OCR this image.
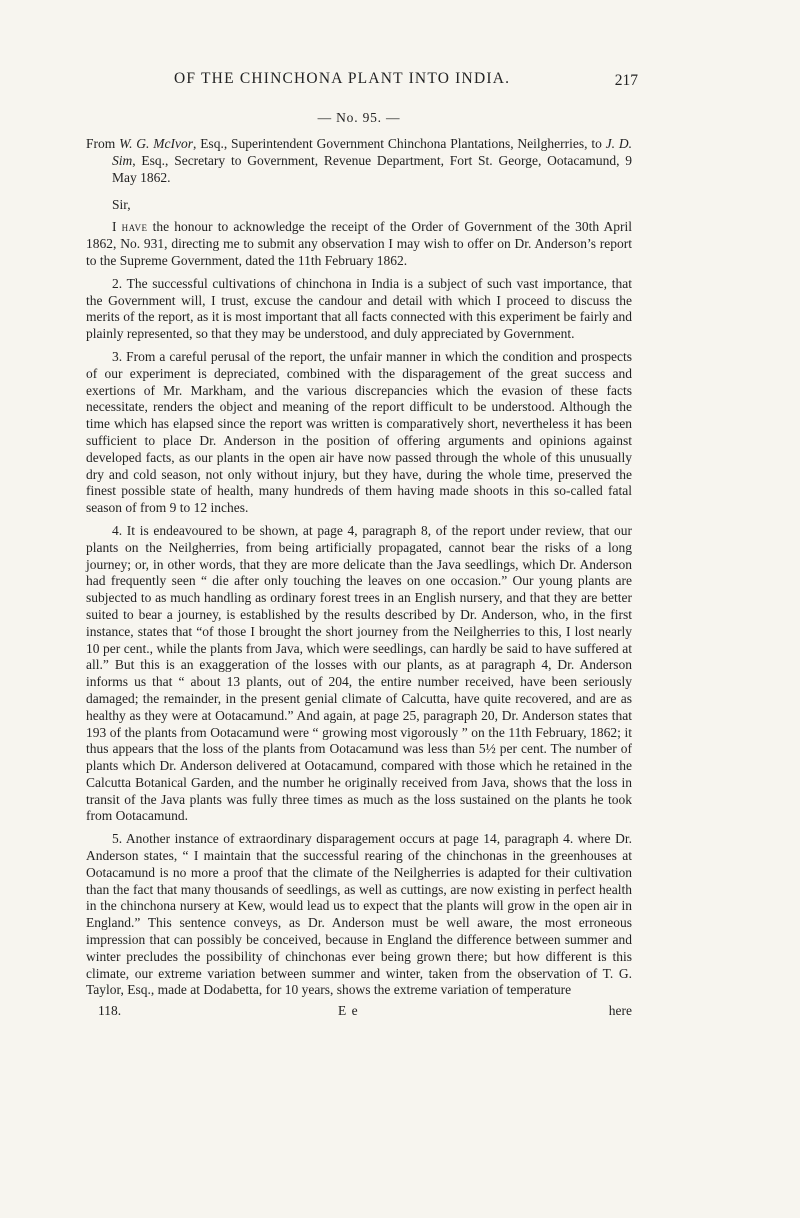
OF THE CHINCHONA PLANT INTO INDIA.	217
— No. 95. —
From W. G. McIvor, Esq., Superintendent Government Chinchona Plantations, Neilgherries, to J. D. Sim, Esq., Secretary to Government, Revenue Department, Fort St. George, Ootacamund, 9 May 1862.
Sir,

I have the honour to acknowledge the receipt of the Order of Government of the 30th April 1862, No. 931, directing me to submit any observation I may wish to offer on Dr. Anderson’s report to the Supreme Government, dated the 11th February 1862.

2. The successful cultivations of chinchona in India is a subject of such vast importance, that the Government will, I trust, excuse the candour and detail with which I proceed to discuss the merits of the report, as it is most important that all facts connected with this experiment be fairly and plainly represented, so that they may be understood, and duly appreciated by Government.

3. From a careful perusal of the report, the unfair manner in which the condition and prospects of our experiment is depreciated, combined with the disparagement of the great success and exertions of Mr. Markham, and the various discrepancies which the evasion of these facts necessitate, renders the object and meaning of the report difficult to be understood. Although the time which has elapsed since the report was written is comparatively short, nevertheless it has been sufficient to place Dr. Anderson in the position of offering arguments and opinions against developed facts, as our plants in the open air have now passed through the whole of this unusually dry and cold season, not only without injury, but they have, during the whole time, preserved the finest possible state of health, many hundreds of them having made shoots in this so-called fatal season of from 9 to 12 inches.

4. It is endeavoured to be shown, at page 4, paragraph 8, of the report under review, that our plants on the Neilgherries, from being artificially propagated, cannot bear the risks of a long journey; or, in other words, that they are more delicate than the Java seedlings, which Dr. Anderson had frequently seen “ die after only touching the leaves on one occasion.” Our young plants are subjected to as much handling as ordinary forest trees in an English nursery, and that they are better suited to bear a journey, is established by the results described by Dr. Anderson, who, in the first instance, states that “of those I brought the short journey from the Neilgherries to this, I lost nearly 10 per cent., while the plants from Java, which were seedlings, can hardly be said to have suffered at all.” But this is an exaggeration of the losses with our plants, as at paragraph 4, Dr. Anderson informs us that “ about 13 plants, out of 204, the entire number received, have been seriously damaged; the remainder, in the present genial climate of Calcutta, have quite recovered, and are as healthy as they were at Ootacamund.” And again, at page 25, paragraph 20, Dr. Anderson states that 193 of the plants from Ootacamund were “ growing most vigorously ” on the 11th February, 1862; it thus appears that the loss of the plants from Ootacamund was less than 5½ per cent. The number of plants which Dr. Anderson delivered at Ootacamund, compared with those which he retained in the Calcutta Botanical Garden, and the number he originally received from Java, shows that the loss in transit of the Java plants was fully three times as much as the loss sustained on the plants he took from Ootacamund.

5. Another instance of extraordinary disparagement occurs at page 14, paragraph 4. where Dr. Anderson states, “ I maintain that the successful rearing of the chinchonas in the greenhouses at Ootacamund is no more a proof that the climate of the Neilgherries is adapted for their cultivation than the fact that many thousands of seedlings, as well as cuttings, are now existing in perfect health in the chinchona nursery at Kew, would lead us to expect that the plants will grow in the open air in England.” This sentence conveys, as Dr. Anderson must be well aware, the most erroneous impression that can possibly be conceived, because in England the difference between summer and winter precludes the possibility of chinchonas ever being grown there; but how different is this climate, our extreme variation between summer and winter, taken from the observation of T. G. Taylor, Esq., made at Dodabetta, for 10 years, shows the extreme variation of temperature

118.	E e	here
